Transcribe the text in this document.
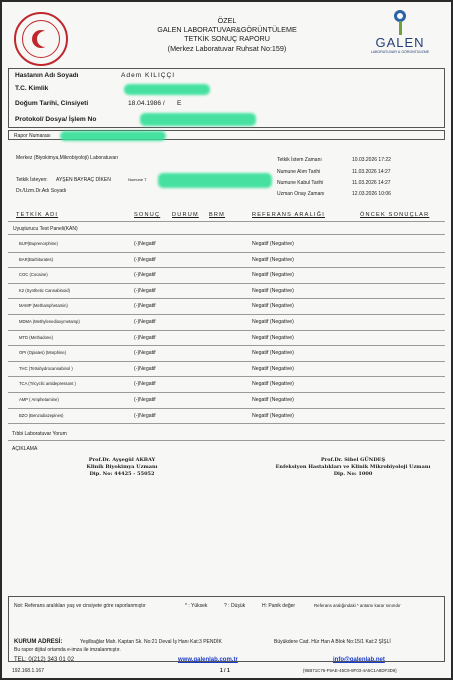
ÖZEL
GALEN LABORATUVAR&GÖRÜNTÜLEME
TETKİK SONUÇ RAPORU
(Merkez Laboratuvar Ruhsat No:159)	GALEN
LABORATUVAR & GÖRÜNTÜLEME
Hastanın Adı Soyadı	Adem KILIÇÇI
T.C. Kimlik
Doğum Tarihi, Cinsiyeti	18.04.1986 / E
Protokol/ Dosya/ İşlem No
Rapor Numarası
Merkez (Biyokimya,Mikrobiyoloji) Laboratuvarı
Tetkik İsteyen: AYŞEN BAYRAÇ DİKEN	Numune T
Dr./Uzm.Dr.Adı Soyadı
Tetkik İstem Zamanı	10.03.2026 17:22
Numune Alım Tarihi	11.03.2026 14:27
Numune Kabul Tarihi	11.03.2026 14:27
Uzman Onay Zamanı	12.03.2026 10:06
TETKİK ADI	SONUÇ DURUM BRM	REFERANS ARALIĞI	ÖNCEK SONUÇLAR
Uyuşturucu Test Paneli(KAN)
BUP(Buprenorphine)	(-)Negatif	Negatif (Negative)
BAR(Barbiturates)	(-)Negatif	Negatif (Negative)
COC (Cocaine)	(-)Negatif	Negatif (Negative)
K2 (Synthetic Cannabinoid)	(-)Negatif	Negatif (Negative)
MAMP (Methamphetamin)	(-)Negatif	Negatif (Negative)
MDMA (Methylenedioxymetamp)	(-)Negatif	Negatif (Negative)
MTD (Methadone)	(-)Negatif	Negatif (Negative)
OPI (Opiates) (Morphine)	(-)Negatif	Negatif (Negative)
THC (Tetrahydrocannabinol )	(-)Negatif	Negatif (Negative)
TCA (Tricyclic antidepressant )	(-)Negatif	Negatif (Negative)
AMP ( Amphetamine)	(-)Negatif	Negatif (Negative)
BZO (Benzodiazepines)	(-)Negatif	Negatif (Negative)
Tıbbi Laboratuvar Yorum
AÇIKLAMA
Prof.Dr. Ayşegül AKBAY
Klinik Biyokimya Uzmanı
Dip. No: 44425 - 55052
Prof.Dr. Sibel GÜNDEŞ
Enfeksiyon Hastalıkları ve Klinik Mikrobiyoloji Uzmanı
Dip. No: 1000
Not: Referans aralıkları yaş ve cinsiyete göre raporlanmıştır	* : Yüksek	? : Düşük	H: Panik değer	Referans aralığındaki * antamı karar sınırıdır
KURUM ADRESİ:	Yeşilbağlar Mah. Kaptan Sk. No:21 Deval İş Hanı Kat:3 PENDİK	Büyükdere Cad. Hür Han A Blok No:15/1 Kat:2 ŞİŞLİ
Bu rapor dijital ortamda e-imza ile imzalanmıştır.
TEL: 0(212) 343 01 02	www.galenlab.com.tr	info@galenlab.net
192.168.1.167	1 / 1	{95B71C76-F9AE-45C9-8F03-4A5C1A8DF3D9}
